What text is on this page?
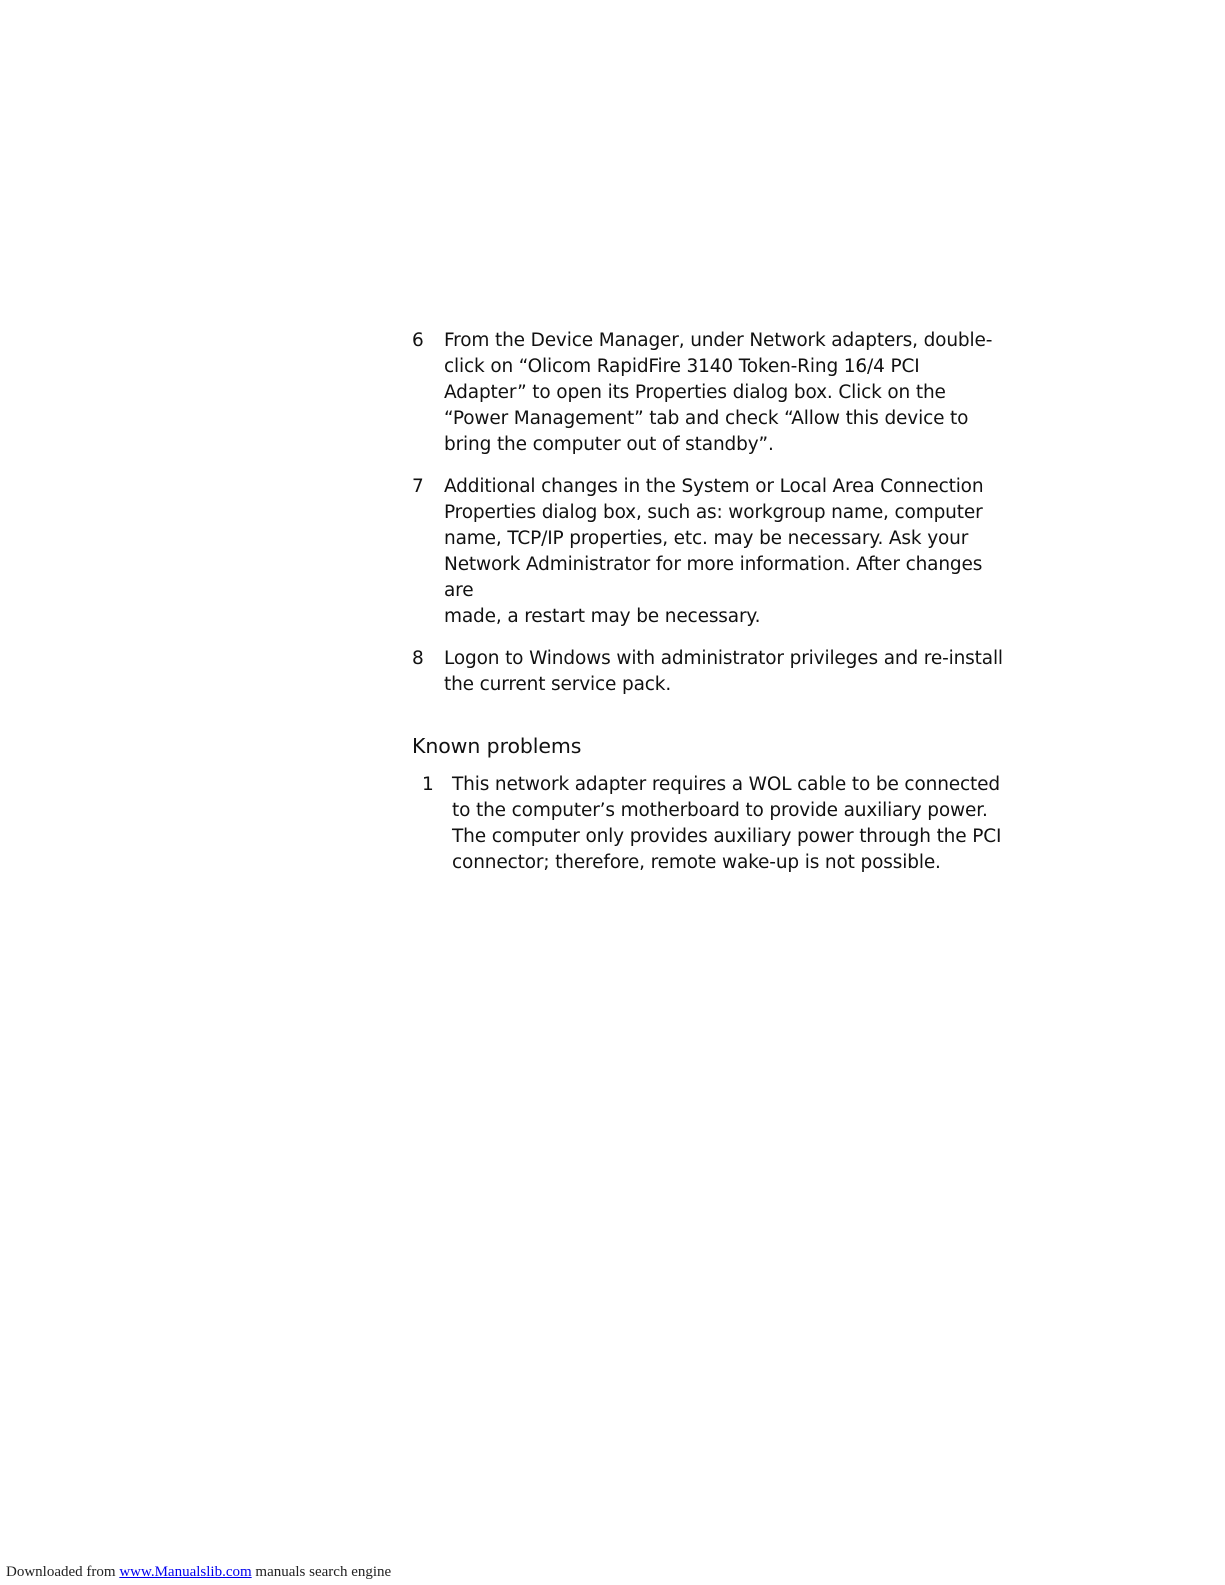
6	From the Device Manager, under Network adapters, double-
click on “Olicom RapidFire 3140 Token-Ring 16/4 PCI
Adapter” to open its Properties dialog box. Click on the
“Power Management” tab and check “Allow this device to
bring the computer out of standby”.
7	Additional changes in the System or Local Area Connection
Properties dialog box, such as: workgroup name, computer
name, TCP/IP properties, etc. may be necessary. Ask your
Network Administrator for more information. After changes are
made, a restart may be necessary.
8	Logon to Windows with administrator privileges and re-install
the current service pack.
Known problems
1 This network adapter requires a WOL cable to be connected
to the computer’s motherboard to provide auxiliary power.
The computer only provides auxiliary power through the PCI
connector; therefore, remote wake-up is not possible.
Downloaded from www.Manualslib.com manuals search engine
